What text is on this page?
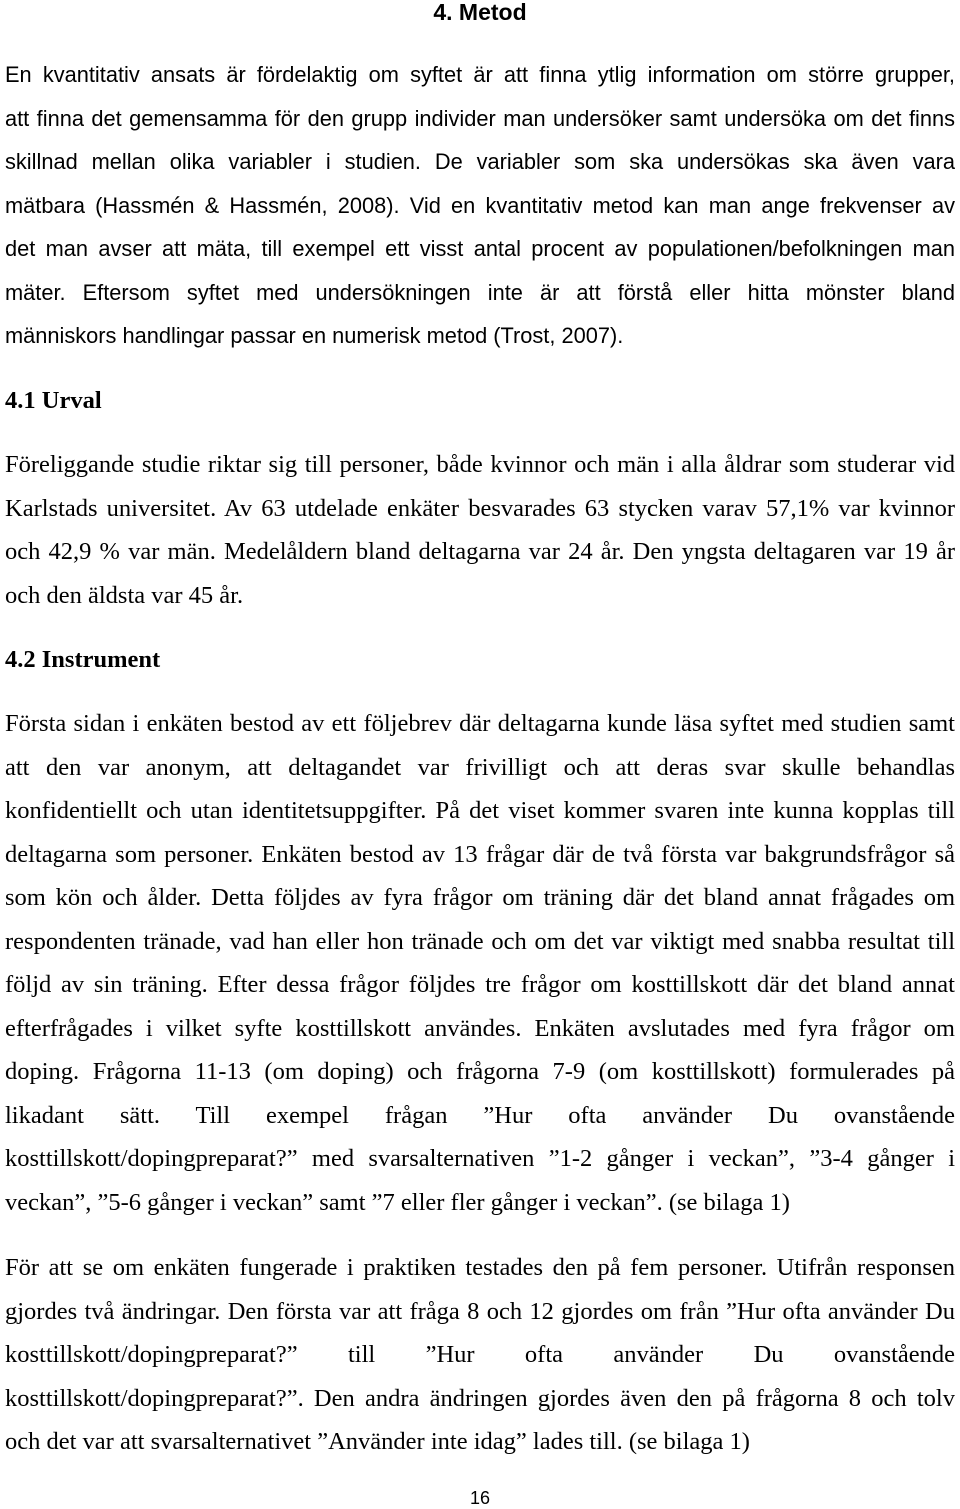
4. Metod
En kvantitativ ansats är fördelaktig om syftet är att finna ytlig information om större grupper,
att finna det gemensamma för den grupp individer man undersöker samt undersöka om det finns
skillnad mellan olika variabler i studien. De variabler som ska undersökas ska även vara
mätbara (Hassmén & Hassmén, 2008). Vid en kvantitativ metod kan man ange frekvenser av
det man avser att mäta, till exempel ett visst antal procent av populationen/befolkningen man
mäter. Eftersom syftet med undersökningen inte är att förstå eller hitta mönster bland
människors handlingar passar en numerisk metod (Trost, 2007).
4.1 Urval
Föreliggande studie riktar sig till personer, både kvinnor och män i alla åldrar som studerar vid
Karlstads universitet. Av 63 utdelade enkäter besvarades 63 stycken varav 57,1% var kvinnor
och 42,9 % var män. Medelåldern bland deltagarna var 24 år. Den yngsta deltagaren var 19 år
och den äldsta var 45 år.
4.2 Instrument
Första sidan i enkäten bestod av ett följebrev där deltagarna kunde läsa syftet med studien samt
att den var anonym, att deltagandet var frivilligt och att deras svar skulle behandlas
konfidentiellt och utan identitetsuppgifter. På det viset kommer svaren inte kunna kopplas till
deltagarna som personer. Enkäten bestod av 13 frågar där de två första var bakgrundsfrågor så
som kön och ålder. Detta följdes av fyra frågor om träning där det bland annat frågades om
respondenten tränade, vad han eller hon tränade och om det var viktigt med snabba resultat till
följd av sin träning. Efter dessa frågor följdes tre frågor om kosttillskott där det bland annat
efterfrågades i vilket syfte kosttillskott användes. Enkäten avslutades med fyra frågor om
doping. Frågorna 11-13 (om doping) och frågorna 7-9 (om kosttillskott) formulerades på
likadant sätt. Till exempel frågan ”Hur ofta använder Du ovanstående
kosttillskott/dopingpreparat?” med svarsalternativen ”1-2 gånger i veckan”, ”3-4 gånger i
veckan”, ”5-6 gånger i veckan” samt ”7 eller fler gånger i veckan”. (se bilaga 1)
För att se om enkäten fungerade i praktiken testades den på fem personer. Utifrån responsen
gjordes två ändringar. Den första var att fråga 8 och 12 gjordes om från ”Hur ofta använder Du
kosttillskott/dopingpreparat?” till ”Hur ofta använder Du ovanstående
kosttillskott/dopingpreparat?”. Den andra ändringen gjordes även den på frågorna 8 och tolv
och det var att svarsalternativet ”Använder inte idag” lades till. (se bilaga 1)
16
